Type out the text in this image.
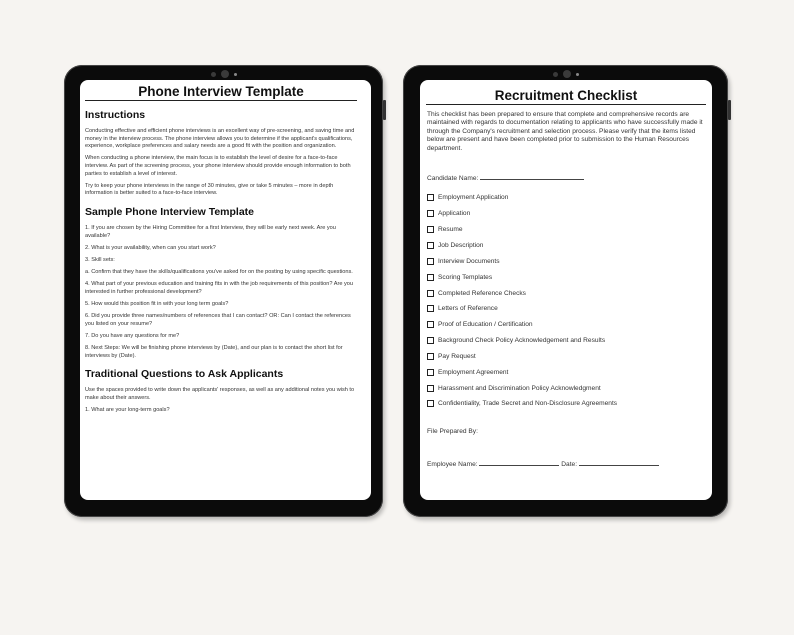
Phone Interview Template
Instructions

Conducting effective and efficient phone interviews is an excellent way of pre-screening, and saving time and money in the interview process. The phone interview allows you to determine if the applicant's qualifications, experience, workplace preferences and salary needs are a good fit with the position and organization.

When conducting a phone interview, the main focus is to establish the level of desire for a face-to-face interview. As part of the screening process, your phone interview should provide enough information to both parties to establish a level of interest.

Try to keep your phone interviews in the range of 30 minutes, give or take 5 minutes – more in depth information is better suited to a face-to-face interview.

Sample Phone Interview Template

1. If you are chosen by the Hiring Committee for a first Interview, they will be early next week. Are you available?

2. What is your availability, when can you start work?

3. Skill sets:

a. Confirm that they have the skills/qualifications you've asked for on the posting by using specific questions.

4. What part of your previous education and training fits in with the job requirements of this position? Are you interested in further professional development?

5. How would this position fit in with your long term goals?

6. Did you provide three names/numbers of references that I can contact? OR: Can I contact the references you listed on your resume?

7. Do you have any questions for me?

8. Next Steps: We will be finishing phone interviews by (Date), and our plan is to contact the short list for interviews by (Date).

Traditional Questions to Ask Applicants

Use the spaces provided to write down the applicants' responses, as well as any additional notes you wish to make about their answers.

1. What are your long-term goals?

Recruitment Checklist

This checklist has been prepared to ensure that complete and comprehensive records are maintained with regards to documentation relating to applicants who have successfully made it through the Company's recruitment and selection process. Please verify that the items listed below are present and have been completed prior to submission to the Human Resources department.

Candidate Name:
Employment Application
Application
Resume
Job Description
Interview Documents
Scoring Templates
Completed Reference Checks
Letters of Reference
Proof of Education / Certification
Background Check Policy Acknowledgement and Results
Pay Request
Employment Agreement
Harassment and Discrimination Policy Acknowledgment
Confidentiality, Trade Secret and Non-Disclosure Agreements
File Prepared By:
Employee Name:	Date:
